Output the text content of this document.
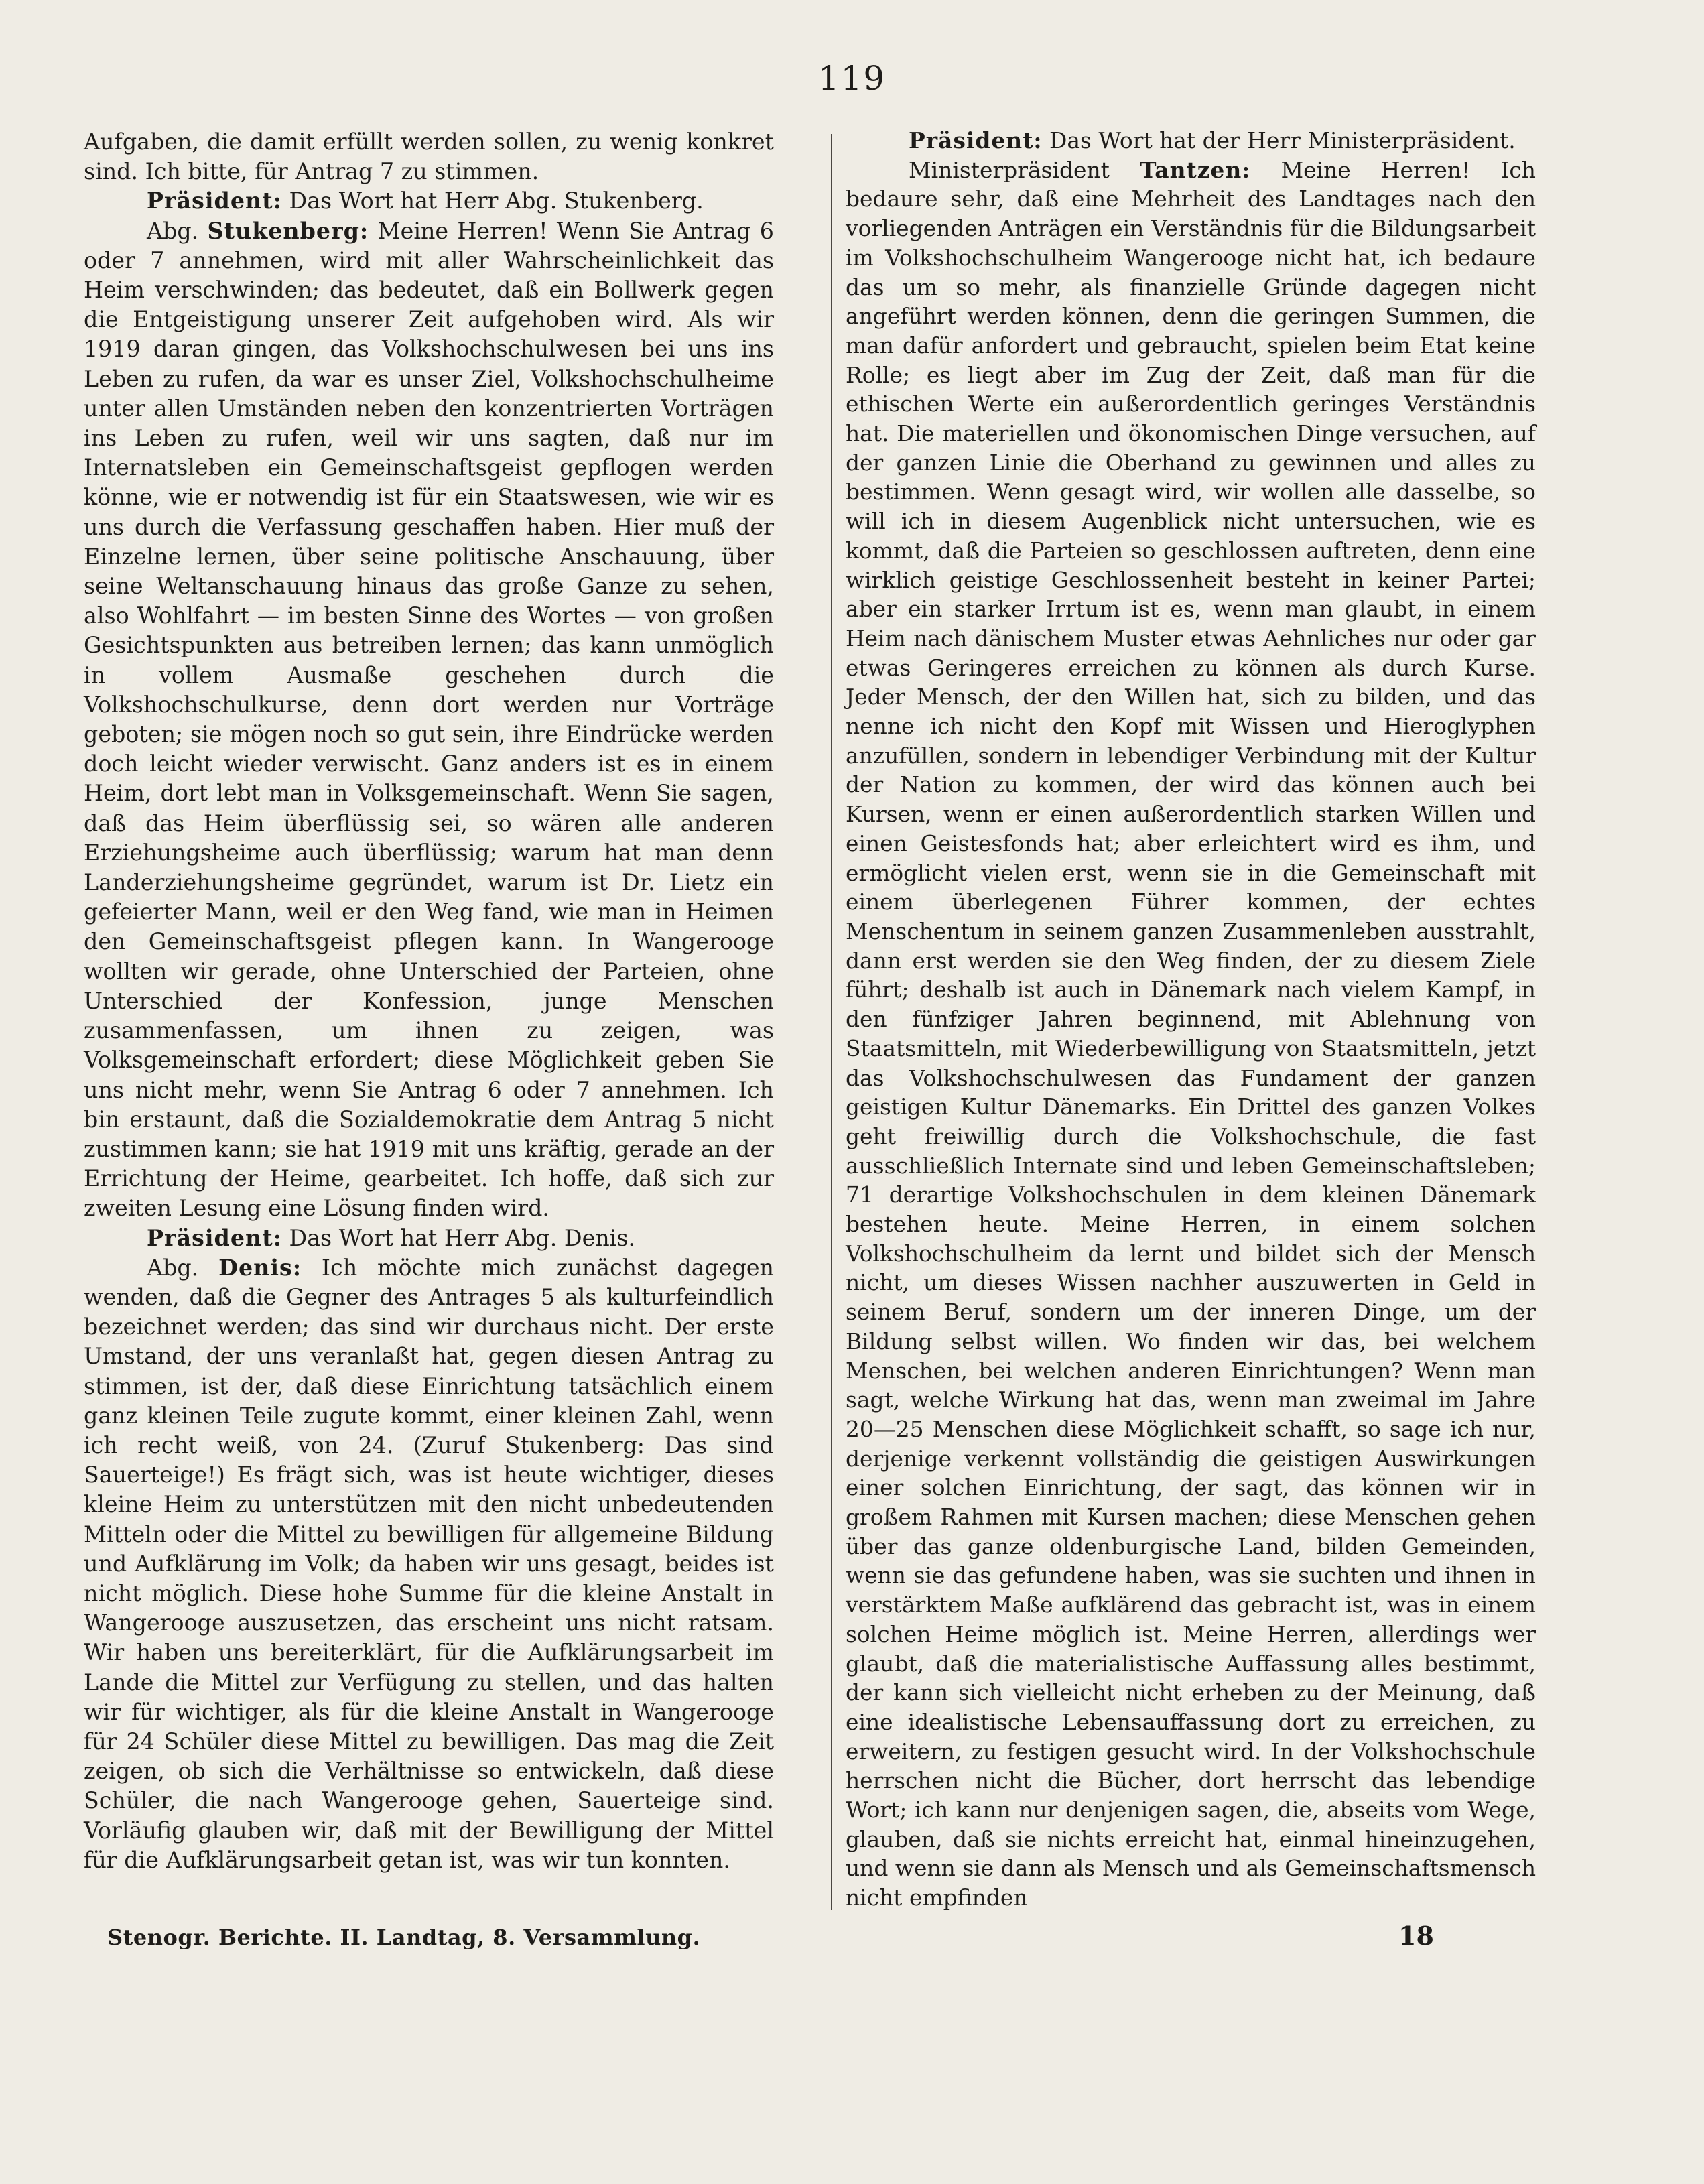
119

Aufgaben, die damit erfüllt werden sollen, zu wenig konkret sind. Ich bitte, für Antrag 7 zu stimmen.

Präsident: Das Wort hat Herr Abg. Stukenberg.

Abg. Stukenberg: Meine Herren! Wenn Sie Antrag 6 oder 7 annehmen, wird mit aller Wahrscheinlichkeit das Heim verschwinden; das bedeutet, daß ein Bollwerk gegen die Entgeistigung unserer Zeit aufgehoben wird. Als wir 1919 daran gingen, das Volkshochschulwesen bei uns ins Leben zu rufen, da war es unser Ziel, Volkshochschulheime unter allen Umständen neben den konzentrierten Vorträgen ins Leben zu rufen, weil wir uns sagten, daß nur im Internatsleben ein Gemeinschaftsgeist gepflogen werden könne, wie er notwendig ist für ein Staatswesen, wie wir es uns durch die Verfassung geschaffen haben. Hier muß der Einzelne lernen, über seine politische Anschauung, über seine Weltanschauung hinaus das große Ganze zu sehen, also Wohlfahrt — im besten Sinne des Wortes — von großen Gesichtspunkten aus betreiben lernen; das kann unmöglich in vollem Ausmaße geschehen durch die Volkshochschulkurse, denn dort werden nur Vorträge geboten; sie mögen noch so gut sein, ihre Eindrücke werden doch leicht wieder verwischt. Ganz anders ist es in einem Heim, dort lebt man in Volksgemeinschaft. Wenn Sie sagen, daß das Heim überflüssig sei, so wären alle anderen Erziehungsheime auch überflüssig; warum hat man denn Landerziehungsheime gegründet, warum ist Dr. Lietz ein gefeierter Mann, weil er den Weg fand, wie man in Heimen den Gemeinschaftsgeist pflegen kann. In Wangerooge wollten wir gerade, ohne Unterschied der Parteien, ohne Unterschied der Konfession, junge Menschen zusammenfassen, um ihnen zu zeigen, was Volksgemeinschaft erfordert; diese Möglichkeit geben Sie uns nicht mehr, wenn Sie Antrag 6 oder 7 annehmen. Ich bin erstaunt, daß die Sozialdemokratie dem Antrag 5 nicht zustimmen kann; sie hat 1919 mit uns kräftig, gerade an der Errichtung der Heime, gearbeitet. Ich hoffe, daß sich zur zweiten Lesung eine Lösung finden wird.

Präsident: Das Wort hat Herr Abg. Denis.

Abg. Denis: Ich möchte mich zunächst dagegen wenden, daß die Gegner des Antrages 5 als kulturfeindlich bezeichnet werden; das sind wir durchaus nicht. Der erste Umstand, der uns veranlaßt hat, gegen diesen Antrag zu stimmen, ist der, daß diese Einrichtung tatsächlich einem ganz kleinen Teile zugute kommt, einer kleinen Zahl, wenn ich recht weiß, von 24. (Zuruf Stukenberg: Das sind Sauerteige!) Es frägt sich, was ist heute wichtiger, dieses kleine Heim zu unterstützen mit den nicht unbedeutenden Mitteln oder die Mittel zu bewilligen für allgemeine Bildung und Aufklärung im Volk; da haben wir uns gesagt, beides ist nicht möglich. Diese hohe Summe für die kleine Anstalt in Wangerooge auszusetzen, das erscheint uns nicht ratsam. Wir haben uns bereiterklärt, für die Aufklärungsarbeit im Lande die Mittel zur Verfügung zu stellen, und das halten wir für wichtiger, als für die kleine Anstalt in Wangerooge für 24 Schüler diese Mittel zu bewilligen. Das mag die Zeit zeigen, ob sich die Verhältnisse so entwickeln, daß diese Schüler, die nach Wangerooge gehen, Sauerteige sind. Vorläufig glauben wir, daß mit der Bewilligung der Mittel für die Aufklärungsarbeit getan ist, was wir tun konnten.

Präsident: Das Wort hat der Herr Ministerpräsident.

Ministerpräsident Tantzen: Meine Herren! Ich bedaure sehr, daß eine Mehrheit des Landtages nach den vorliegenden Anträgen ein Verständnis für die Bildungsarbeit im Volkshochschulheim Wangerooge nicht hat, ich bedaure das um so mehr, als finanzielle Gründe dagegen nicht angeführt werden können, denn die geringen Summen, die man dafür anfordert und gebraucht, spielen beim Etat keine Rolle; es liegt aber im Zug der Zeit, daß man für die ethischen Werte ein außerordentlich geringes Verständnis hat. Die materiellen und ökonomischen Dinge versuchen, auf der ganzen Linie die Oberhand zu gewinnen und alles zu bestimmen. Wenn gesagt wird, wir wollen alle dasselbe, so will ich in diesem Augenblick nicht untersuchen, wie es kommt, daß die Parteien so geschlossen auftreten, denn eine wirklich geistige Geschlossenheit besteht in keiner Partei; aber ein starker Irrtum ist es, wenn man glaubt, in einem Heim nach dänischem Muster etwas Aehnliches nur oder gar etwas Geringeres erreichen zu können als durch Kurse. Jeder Mensch, der den Willen hat, sich zu bilden, und das nenne ich nicht den Kopf mit Wissen und Hieroglyphen anzufüllen, sondern in lebendiger Verbindung mit der Kultur der Nation zu kommen, der wird das können auch bei Kursen, wenn er einen außerordentlich starken Willen und einen Geistesfonds hat; aber erleichtert wird es ihm, und ermöglicht vielen erst, wenn sie in die Gemeinschaft mit einem überlegenen Führer kommen, der echtes Menschentum in seinem ganzen Zusammenleben ausstrahlt, dann erst werden sie den Weg finden, der zu diesem Ziele führt; deshalb ist auch in Dänemark nach vielem Kampf, in den fünfziger Jahren beginnend, mit Ablehnung von Staatsmitteln, mit Wiederbewilligung von Staatsmitteln, jetzt das Volkshochschulwesen das Fundament der ganzen geistigen Kultur Dänemarks. Ein Drittel des ganzen Volkes geht freiwillig durch die Volkshochschule, die fast ausschließlich Internate sind und leben Gemeinschaftsleben; 71 derartige Volkshochschulen in dem kleinen Dänemark bestehen heute. Meine Herren, in einem solchen Volkshochschulheim da lernt und bildet sich der Mensch nicht, um dieses Wissen nachher auszuwerten in Geld in seinem Beruf, sondern um der inneren Dinge, um der Bildung selbst willen. Wo finden wir das, bei welchem Menschen, bei welchen anderen Einrichtungen? Wenn man sagt, welche Wirkung hat das, wenn man zweimal im Jahre 20—25 Menschen diese Möglichkeit schafft, so sage ich nur, derjenige verkennt vollständig die geistigen Auswirkungen einer solchen Einrichtung, der sagt, das können wir in großem Rahmen mit Kursen machen; diese Menschen gehen über das ganze oldenburgische Land, bilden Gemeinden, wenn sie das gefundene haben, was sie suchten und ihnen in verstärktem Maße aufklärend das gebracht ist, was in einem solchen Heime möglich ist. Meine Herren, allerdings wer glaubt, daß die materialistische Auffassung alles bestimmt, der kann sich vielleicht nicht erheben zu der Meinung, daß eine idealistische Lebensauffassung dort zu erreichen, zu erweitern, zu festigen gesucht wird. In der Volkshochschule herrschen nicht die Bücher, dort herrscht das lebendige Wort; ich kann nur denjenigen sagen, die, abseits vom Wege, glauben, daß sie nichts erreicht hat, einmal hineinzugehen, und wenn sie dann als Mensch und als Gemeinschaftsmensch nicht empfinden

Stenogr. Berichte. II. Landtag, 8. Versammlung.	18
